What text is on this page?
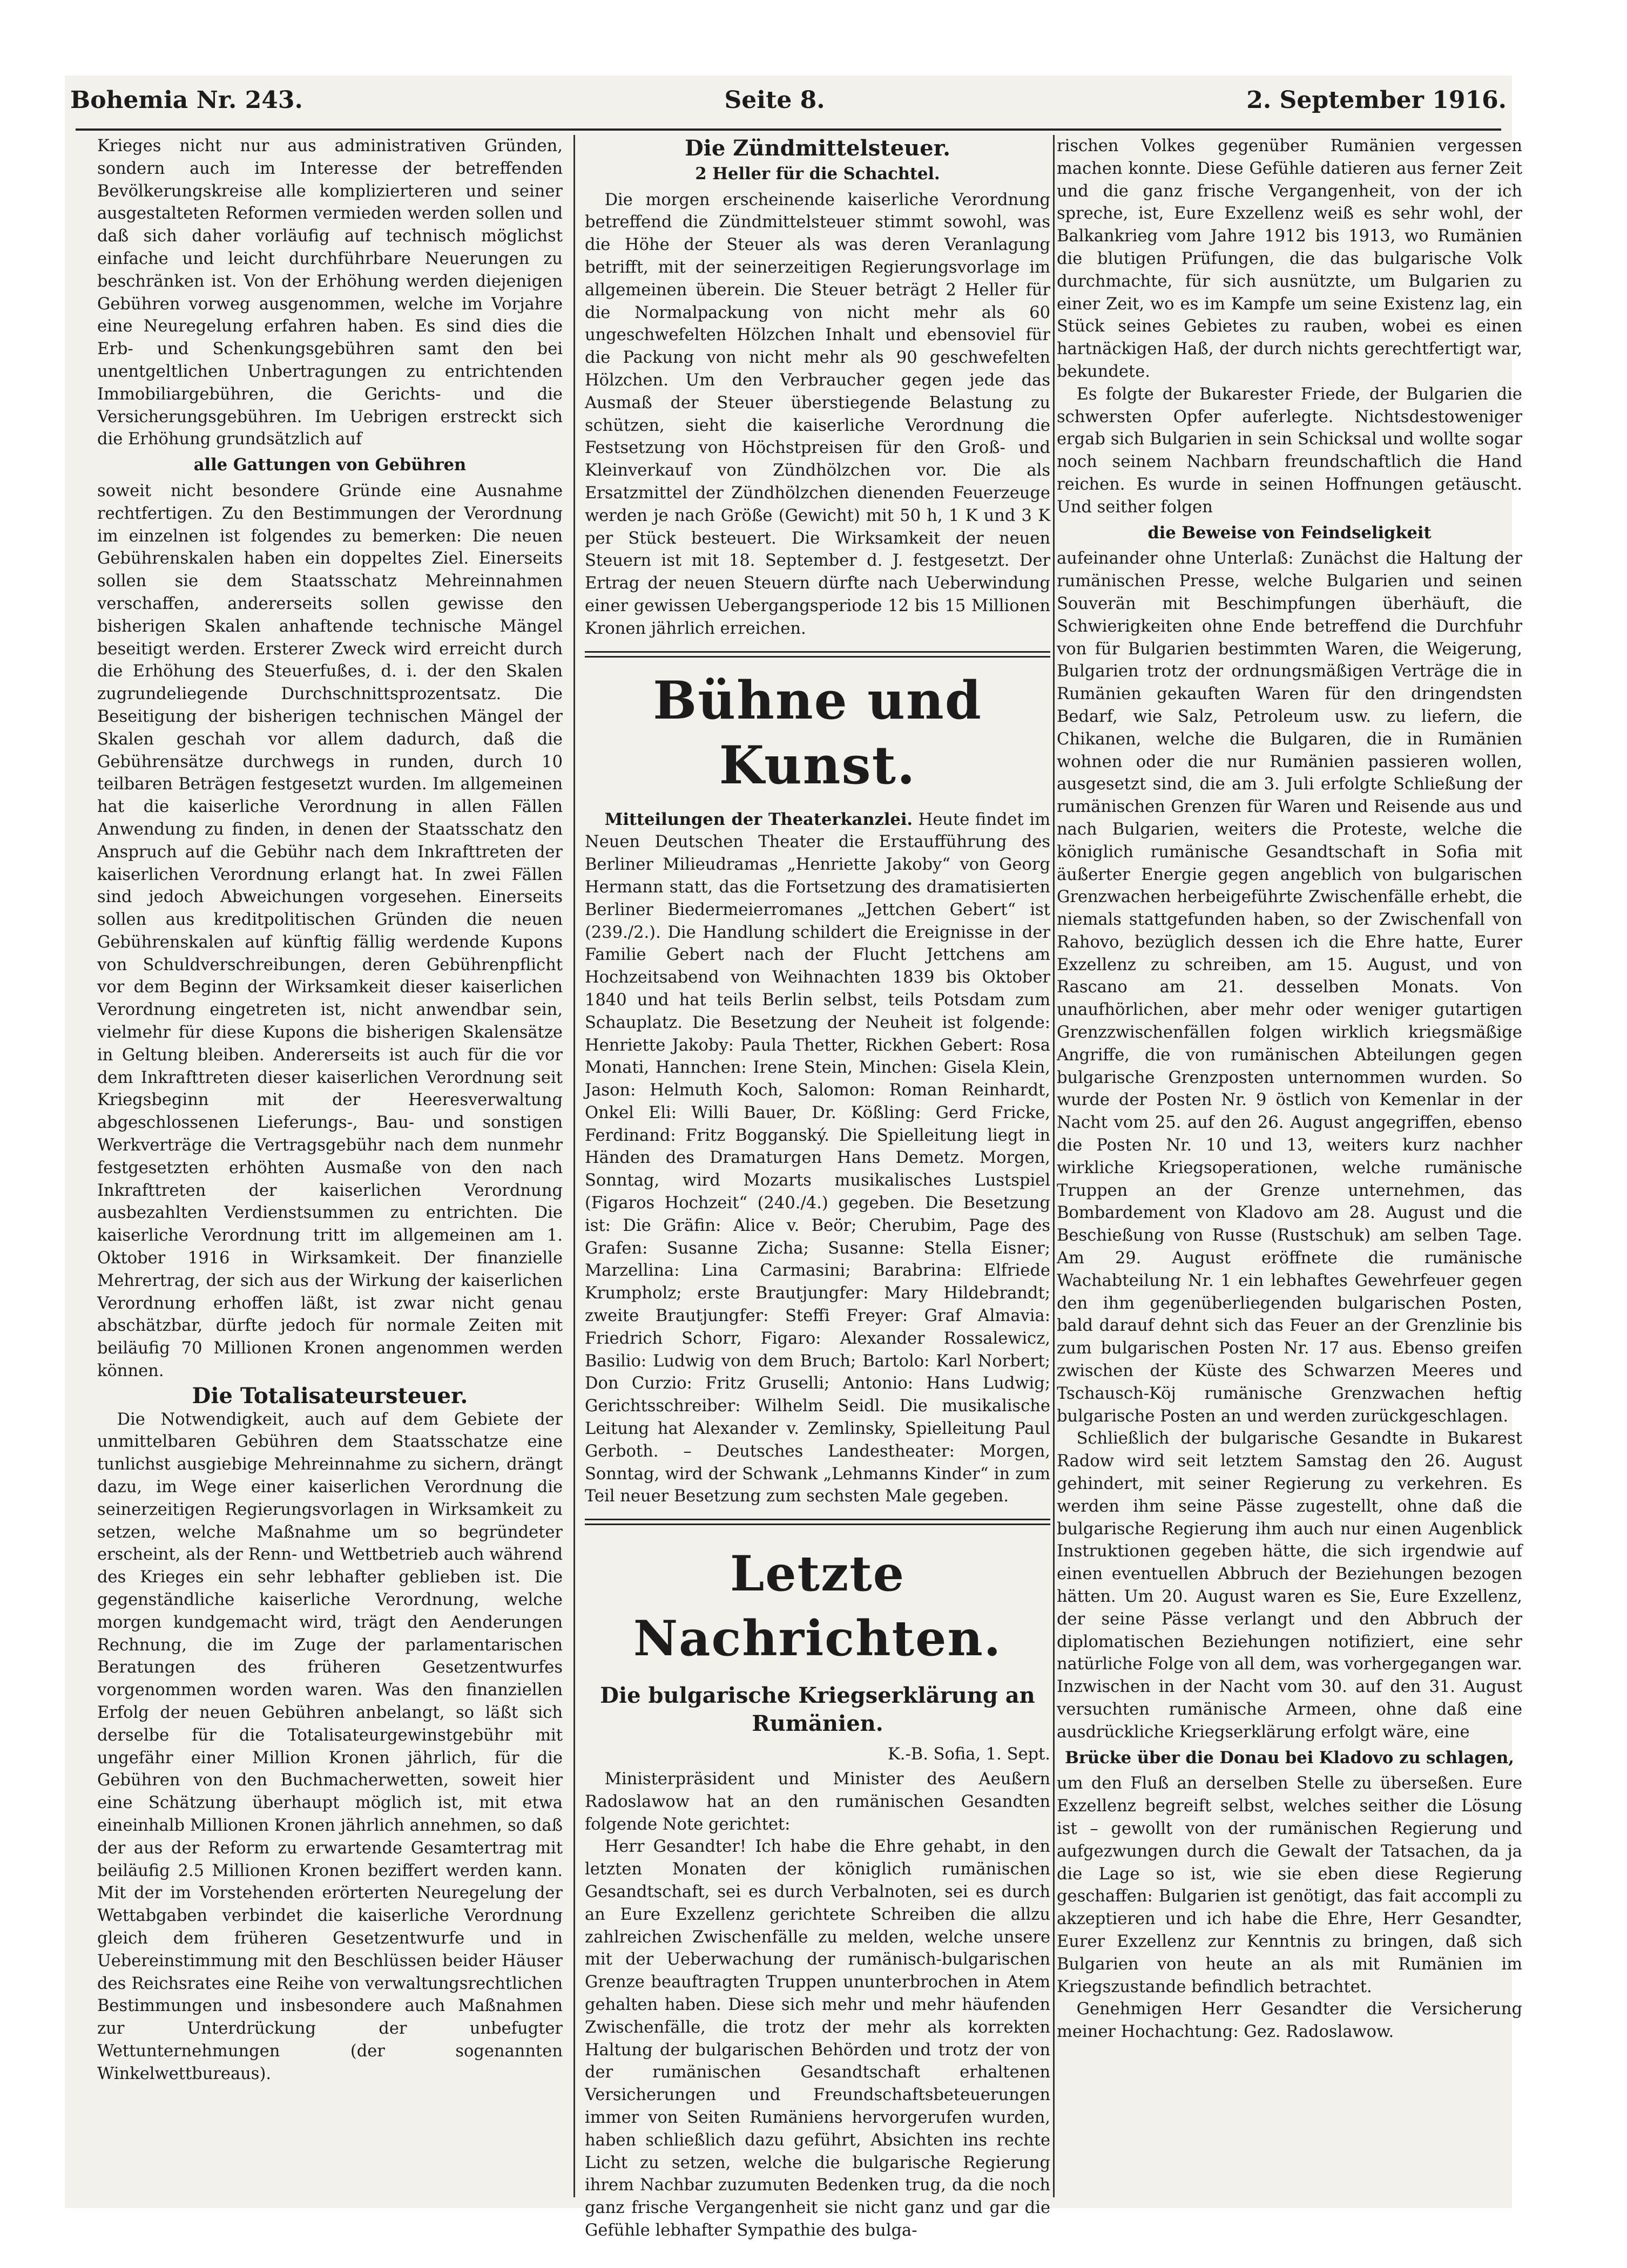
Bohemia Nr. 243.	Seite 8.	2. September 1916.

Krieges nicht nur aus administrativen Gründen, sondern auch im Interesse der betreffenden Bevölkerungskreise alle komplizierteren und seiner ausgestalteten Reformen vermieden werden sollen und daß sich daher vorläufig auf technisch möglichst einfache und leicht durchführbare Neuerungen zu beschränken ist. Von der Erhöhung werden diejenigen Gebühren vorweg ausgenommen, welche im Vorjahre eine Neuregelung erfahren haben. Es sind dies die Erb- und Schenkungsgebühren samt den bei unentgeltlichen Unbertragungen zu entrichtenden Immobiliargebühren, die Gerichts- und die Versicherungsgebühren. Im Uebrigen erstreckt sich die Erhöhung grundsätzlich auf

alle Gattungen von Gebühren

soweit nicht besondere Gründe eine Ausnahme rechtfertigen. Zu den Bestimmungen der Verordnung im einzelnen ist folgendes zu bemerken: Die neuen Gebührenskalen haben ein doppeltes Ziel. Einerseits sollen sie dem Staatsschatz Mehreinnahmen verschaffen, andererseits sollen gewisse den bisherigen Skalen anhaftende technische Mängel beseitigt werden. Ersterer Zweck wird erreicht durch die Erhöhung des Steuerfußes, d. i. der den Skalen zugrundeliegende Durchschnittsprozentsatz. Die Beseitigung der bisherigen technischen Mängel der Skalen geschah vor allem dadurch, daß die Gebührensätze durchwegs in runden, durch 10 teilbaren Beträgen festgesetzt wurden. Im allgemeinen hat die kaiserliche Verordnung in allen Fällen Anwendung zu finden, in denen der Staatsschatz den Anspruch auf die Gebühr nach dem Inkrafttreten der kaiserlichen Verordnung erlangt hat. In zwei Fällen sind jedoch Abweichungen vorgesehen. Einerseits sollen aus kreditpolitischen Gründen die neuen Gebührenskalen auf künftig fällig werdende Kupons von Schuldverschreibungen, deren Gebührenpflicht vor dem Beginn der Wirksamkeit dieser kaiserlichen Verordnung eingetreten ist, nicht anwendbar sein, vielmehr für diese Kupons die bisherigen Skalensätze in Geltung bleiben. Andererseits ist auch für die vor dem Inkrafttreten dieser kaiserlichen Verordnung seit Kriegsbeginn mit der Heeresverwaltung abgeschlossenen Lieferungs-, Bau- und sonstigen Werkverträge die Vertragsgebühr nach dem nunmehr festgesetzten erhöhten Ausmaße von den nach Inkrafttreten der kaiserlichen Verordnung ausbezahlten Verdienstsummen zu entrichten. Die kaiserliche Verordnung tritt im allgemeinen am 1. Oktober 1916 in Wirksamkeit. Der finanzielle Mehrertrag, der sich aus der Wirkung der kaiserlichen Verordnung erhoffen läßt, ist zwar nicht genau abschätzbar, dürfte jedoch für normale Zeiten mit beiläufig 70 Millionen Kronen angenommen werden können.

Die Totalisateursteuer.

Die Notwendigkeit, auch auf dem Gebiete der unmittelbaren Gebühren dem Staatsschatze eine tunlichst ausgiebige Mehreinnahme zu sichern, drängt dazu, im Wege einer kaiserlichen Verordnung die seinerzeitigen Regierungsvorlagen in Wirksamkeit zu setzen, welche Maßnahme um so begründeter erscheint, als der Renn- und Wettbetrieb auch während des Krieges ein sehr lebhafter geblieben ist. Die gegenständliche kaiserliche Verordnung, welche morgen kundgemacht wird, trägt den Aenderungen Rechnung, die im Zuge der parlamentarischen Beratungen des früheren Gesetzentwurfes vorgenommen worden waren. Was den finanziellen Erfolg der neuen Gebühren anbelangt, so läßt sich derselbe für die Totalisateurgewinstgebühr mit ungefähr einer Million Kronen jährlich, für die Gebühren von den Buchmacherwetten, soweit hier eine Schätzung überhaupt möglich ist, mit etwa eineinhalb Millionen Kronen jährlich annehmen, so daß der aus der Reform zu erwartende Gesamtertrag mit beiläufig 2.5 Millionen Kronen beziffert werden kann. Mit der im Vorstehenden erörterten Neuregelung der Wettabgaben verbindet die kaiserliche Verordnung gleich dem früheren Gesetzentwurfe und in Uebereinstimmung mit den Beschlüssen beider Häuser des Reichsrates eine Reihe von verwaltungsrechtlichen Bestimmungen und insbesondere auch Maßnahmen zur Unterdrückung der unbefugter Wettunternehmungen (der sogenannten Winkelwettbureaus).

Die Zündmittelsteuer.
2 Heller für die Schachtel.

Die morgen erscheinende kaiserliche Verordnung betreffend die Zündmittelsteuer stimmt sowohl, was die Höhe der Steuer als was deren Veranlagung betrifft, mit der seinerzeitigen Regierungsvorlage im allgemeinen überein. Die Steuer beträgt 2 Heller für die Normalpackung von nicht mehr als 60 ungeschwefelten Hölzchen Inhalt und ebensoviel für die Packung von nicht mehr als 90 geschwefelten Hölzchen. Um den Verbraucher gegen jede das Ausmaß der Steuer überstiegende Belastung zu schützen, sieht die kaiserliche Verordnung die Festsetzung von Höchstpreisen für den Groß- und Kleinverkauf von Zündhölzchen vor. Die als Ersatzmittel der Zündhölzchen dienenden Feuerzeuge werden je nach Größe (Gewicht) mit 50 h, 1 K und 3 K per Stück besteuert. Die Wirksamkeit der neuen Steuern ist mit 18. September d. J. festgesetzt. Der Ertrag der neuen Steuern dürfte nach Ueberwindung einer gewissen Uebergangsperiode 12 bis 15 Millionen Kronen jährlich erreichen.

Bühne und Kunst.

Mitteilungen der Theaterkanzlei. Heute findet im Neuen Deutschen Theater die Erstaufführung des Berliner Milieudramas „Henriette Jakoby“ von Georg Hermann statt, das die Fortsetzung des dramatisierten Berliner Biedermeierromanes „Jettchen Gebert“ ist (239./2.). Die Handlung schildert die Ereignisse in der Familie Gebert nach der Flucht Jettchens am Hochzeitsabend von Weihnachten 1839 bis Oktober 1840 und hat teils Berlin selbst, teils Potsdam zum Schauplatz. Die Besetzung der Neuheit ist folgende: Henriette Jakoby: Paula Thetter, Rickhen Gebert: Rosa Monati, Hannchen: Irene Stein, Minchen: Gisela Klein, Jason: Helmuth Koch, Salomon: Roman Reinhardt, Onkel Eli: Willi Bauer, Dr. Kößling: Gerd Fricke, Ferdinand: Fritz Bogganský. Die Spielleitung liegt in Händen des Dramaturgen Hans Demetz. Morgen, Sonntag, wird Mozarts musikalisches Lustspiel (Figaros Hochzeit“ (240./4.) gegeben. Die Besetzung ist: Die Gräfin: Alice v. Beör; Cherubim, Page des Grafen: Susanne Zicha; Susanne: Stella Eisner; Marzellina: Lina Carmasini; Barabrina: Elfriede Krumpholz; erste Brautjungfer: Mary Hildebrandt; zweite Brautjungfer: Steffi Freyer: Graf Almavia: Friedrich Schorr, Figaro: Alexander Rossalewicz, Basilio: Ludwig von dem Bruch; Bartolo: Karl Norbert; Don Curzio: Fritz Gruselli; Antonio: Hans Ludwig; Gerichtsschreiber: Wilhelm Seidl. Die musikalische Leitung hat Alexander v. Zemlinsky, Spielleitung Paul Gerboth. – Deutsches Landestheater: Morgen, Sonntag, wird der Schwank „Lehmanns Kinder“ in zum Teil neuer Besetzung zum sechsten Male gegeben.

Letzte Nachrichten.
Die bulgarische Kriegserklärung an Rumänien.
K.-B. Sofia, 1. Sept.

Ministerpräsident und Minister des Aeußern Radoslawow hat an den rumänischen Gesandten folgende Note gerichtet:

Herr Gesandter! Ich habe die Ehre gehabt, in den letzten Monaten der königlich rumänischen Gesandtschaft, sei es durch Verbalnoten, sei es durch an Eure Exzellenz gerichtete Schreiben die allzu zahlreichen Zwischenfälle zu melden, welche unsere mit der Ueberwachung der rumänisch-bulgarischen Grenze beauftragten Truppen ununterbrochen in Atem gehalten haben. Diese sich mehr und mehr häufenden Zwischenfälle, die trotz der mehr als korrekten Haltung der bulgarischen Behörden und trotz der von der rumänischen Gesandtschaft erhaltenen Versicherungen und Freundschaftsbeteuerungen immer von Seiten Rumäniens hervorgerufen wurden, haben schließlich dazu geführt, Absichten ins rechte Licht zu setzen, welche die bulgarische Regierung ihrem Nachbar zuzumuten Bedenken trug, da die noch ganz frische Vergangenheit sie nicht ganz und gar die Gefühle lebhafter Sympathie des bulga-

rischen Volkes gegenüber Rumänien vergessen machen konnte. Diese Gefühle datieren aus ferner Zeit und die ganz frische Vergangenheit, von der ich spreche, ist, Eure Exzellenz weiß es sehr wohl, der Balkankrieg vom Jahre 1912 bis 1913, wo Rumänien die blutigen Prüfungen, die das bulgarische Volk durchmachte, für sich ausnützte, um Bulgarien zu einer Zeit, wo es im Kampfe um seine Existenz lag, ein Stück seines Gebietes zu rauben, wobei es einen hartnäckigen Haß, der durch nichts gerechtfertigt war, bekundete.

Es folgte der Bukarester Friede, der Bulgarien die schwersten Opfer auferlegte. Nichtsdestoweniger ergab sich Bulgarien in sein Schicksal und wollte sogar noch seinem Nachbarn freundschaftlich die Hand reichen. Es wurde in seinen Hoffnungen getäuscht. Und seither folgen

die Beweise von Feindseligkeit

aufeinander ohne Unterlaß: Zunächst die Haltung der rumänischen Presse, welche Bulgarien und seinen Souverän mit Beschimpfungen überhäuft, die Schwierigkeiten ohne Ende betreffend die Durchfuhr von für Bulgarien bestimmten Waren, die Weigerung, Bulgarien trotz der ordnungsmäßigen Verträge die in Rumänien gekauften Waren für den dringendsten Bedarf, wie Salz, Petroleum usw. zu liefern, die Chikanen, welche die Bulgaren, die in Rumänien wohnen oder die nur Rumänien passieren wollen, ausgesetzt sind, die am 3. Juli erfolgte Schließung der rumänischen Grenzen für Waren und Reisende aus und nach Bulgarien, weiters die Proteste, welche die königlich rumänische Gesandtschaft in Sofia mit äußerter Energie gegen angeblich von bulgarischen Grenzwachen herbeigeführte Zwischenfälle erhebt, die niemals stattgefunden haben, so der Zwischenfall von Rahovo, bezüglich dessen ich die Ehre hatte, Eurer Exzellenz zu schreiben, am 15. August, und von Rascano am 21. desselben Monats. Von unaufhörlichen, aber mehr oder weniger gutartigen Grenzzwischenfällen folgen wirklich kriegsmäßige Angriffe, die von rumänischen Abteilungen gegen bulgarische Grenzposten unternommen wurden. So wurde der Posten Nr. 9 östlich von Kemenlar in der Nacht vom 25. auf den 26. August angegriffen, ebenso die Posten Nr. 10 und 13, weiters kurz nachher wirkliche Kriegsoperationen, welche rumänische Truppen an der Grenze unternehmen, das Bombardement von Kladovo am 28. August und die Beschießung von Russe (Rustschuk) am selben Tage. Am 29. August eröffnete die rumänische Wachabteilung Nr. 1 ein lebhaftes Gewehrfeuer gegen den ihm gegenüberliegenden bulgarischen Posten, bald darauf dehnt sich das Feuer an der Grenzlinie bis zum bulgarischen Posten Nr. 17 aus. Ebenso greifen zwischen der Küste des Schwarzen Meeres und Tschausch-Köj rumänische Grenzwachen heftig bulgarische Posten an und werden zurückgeschlagen.

Schließlich der bulgarische Gesandte in Bukarest Radow wird seit letztem Samstag den 26. August gehindert, mit seiner Regierung zu verkehren. Es werden ihm seine Pässe zugestellt, ohne daß die bulgarische Regierung ihm auch nur einen Augenblick Instruktionen gegeben hätte, die sich irgendwie auf einen eventuellen Abbruch der Beziehungen bezogen hätten. Um 20. August waren es Sie, Eure Exzellenz, der seine Pässe verlangt und den Abbruch der diplomatischen Beziehungen notifiziert, eine sehr natürliche Folge von all dem, was vorhergegangen war. Inzwischen in der Nacht vom 30. auf den 31. August versuchten rumänische Armeen, ohne daß eine ausdrückliche Kriegserklärung erfolgt wäre, eine

Brücke über die Donau bei Kladovo zu schlagen,

um den Fluß an derselben Stelle zu überseßen. Eure Exzellenz begreift selbst, welches seither die Lösung ist – gewollt von der rumänischen Regierung und aufgezwungen durch die Gewalt der Tatsachen, da ja die Lage so ist, wie sie eben diese Regierung geschaffen: Bulgarien ist genötigt, das fait accompli zu akzeptieren und ich habe die Ehre, Herr Gesandter, Eurer Exzellenz zur Kenntnis zu bringen, daß sich Bulgarien von heute an als mit Rumänien im Kriegszustande befindlich betrachtet.

Genehmigen Herr Gesandter die Versicherung meiner Hochachtung: Gez. Radoslawow.
